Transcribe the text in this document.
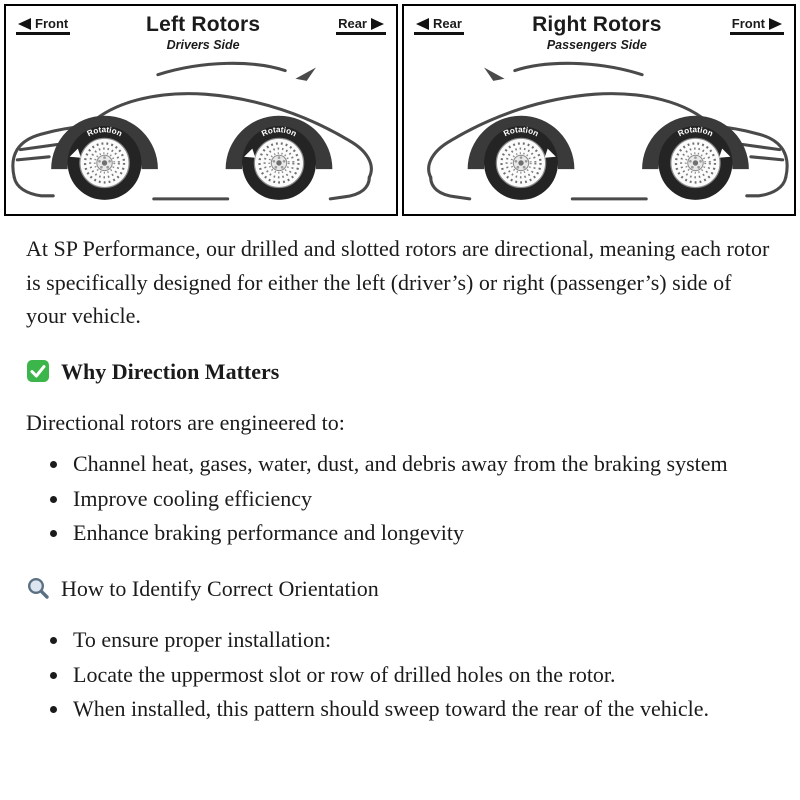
Front	Left Rotors
Drivers Side
Rear	Rear	Right Rotors
Passengers Side
Front

At SP Performance, our drilled and slotted rotors are directional, meaning each rotor is specifically designed for either the left (driver’s) or right (passenger’s) side of your vehicle.

Why Direction Matters

Directional rotors are engineered to:

• Channel heat, gases, water, dust, and debris away from the braking system
• Improve cooling efficiency
• Enhance braking performance and longevity
How to Identify Correct Orientation
• To ensure proper installation:
• Locate the uppermost slot or row of drilled holes on the rotor.
• When installed, this pattern should sweep toward the rear of the vehicle.
